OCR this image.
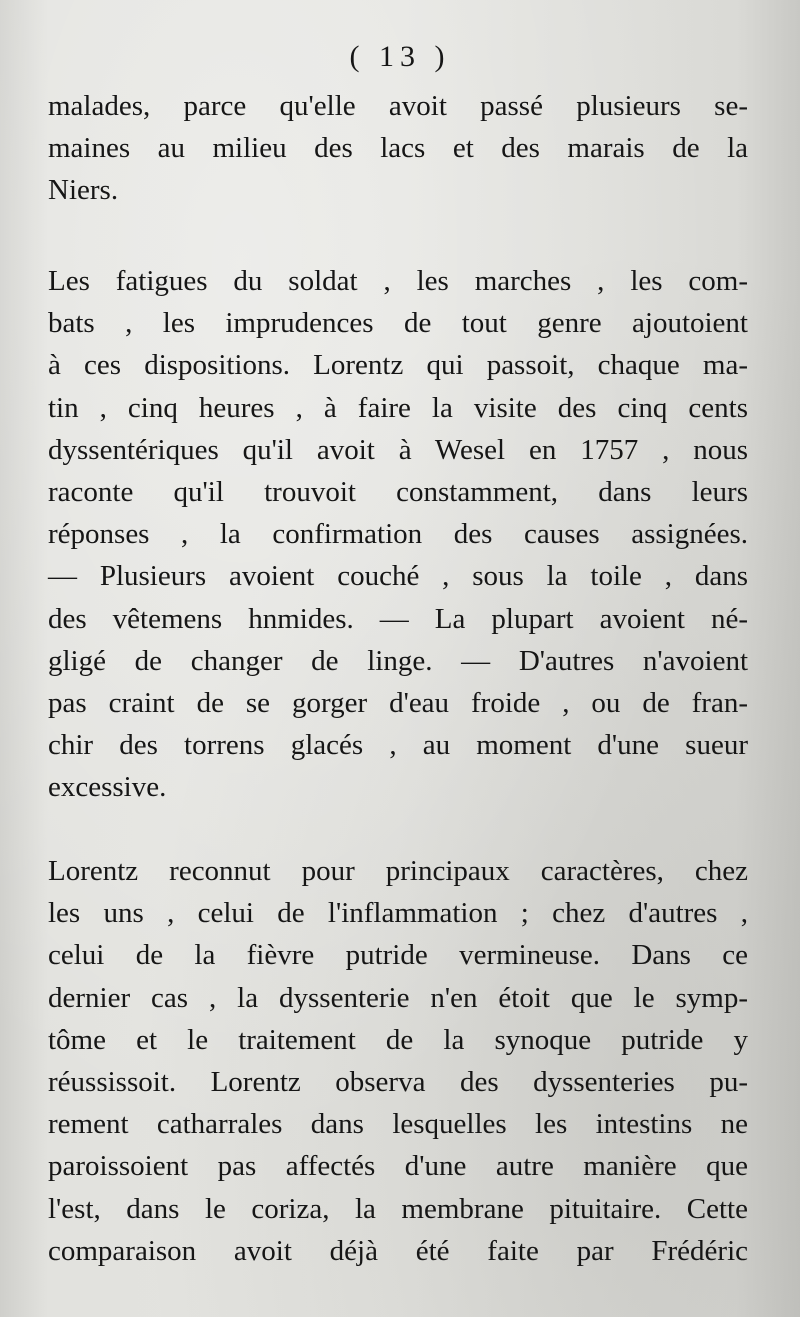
( 13 )
malades, parce qu'elle avoit passé plusieurs se-
maines au milieu des lacs et des marais de la
Niers.
Les fatigues du soldat , les marches , les com-
bats , les imprudences de tout genre ajoutoient
à ces dispositions. Lorentz qui passoit, chaque ma-
tin , cinq heures , à faire la visite des cinq cents
dyssentériques qu'il avoit à Wesel en 1757 , nous
raconte qu'il trouvoit constamment, dans leurs
réponses , la confirmation des causes assignées.
— Plusieurs avoient couché , sous la toile , dans
des vêtemens hnmides. — La plupart avoient né-
gligé de changer de linge. — D'autres n'avoient
pas craint de se gorger d'eau froide , ou de fran-
chir des torrens glacés , au moment d'une sueur
excessive.
Lorentz reconnut pour principaux caractères, chez
les uns , celui de l'inflammation ; chez d'autres ,
celui de la fièvre putride vermineuse. Dans ce
dernier cas , la dyssenterie n'en étoit que le symp-
tôme et le traitement de la synoque putride y
réussissoit. Lorentz observa des dyssenteries pu-
rement catharrales dans lesquelles les intestins ne
paroissoient pas affectés d'une autre manière que
l'est, dans le coriza, la membrane pituitaire. Cette
comparaison avoit déjà été faite par Frédéric
